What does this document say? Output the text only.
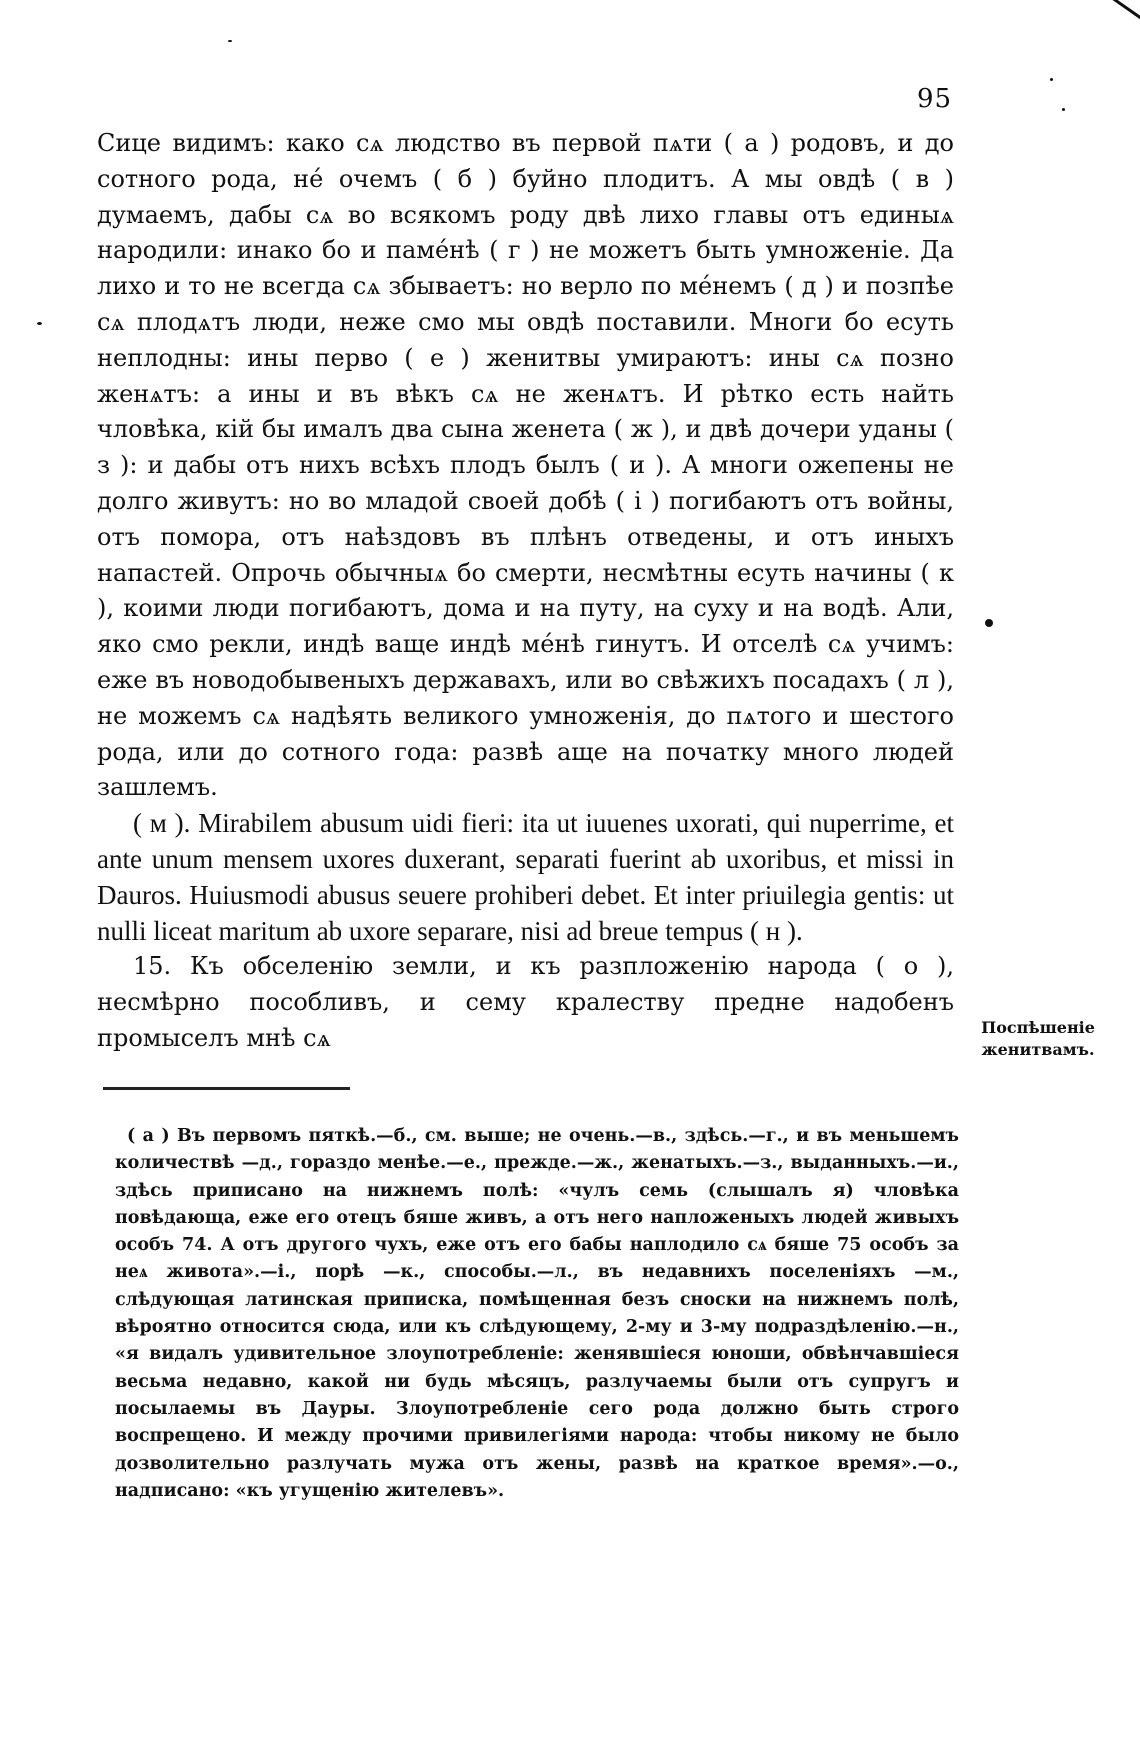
95

Сице видимъ: како сѧ людство въ первой пѧти ( а ) родовъ, и до сотного рода, не́ очемъ ( б ) буйно плодитъ. А мы овдѣ ( в ) думаемъ, дабы сѧ во всякомъ роду двѣ лихо главы отъ единыѧ народили: инако бо и паме́нѣ ( г ) не можетъ быть умноженіе. Да лихо и то не всегда сѧ збываетъ: но верло по ме́немъ ( д ) и позпѣе сѧ плодѧтъ люди, неже смо мы овдѣ поставили. Многи бо есуть неплодны: ины перво ( е ) женитвы умираютъ: ины сѧ позно женѧтъ: а ины и въ вѣкъ сѧ не женѧтъ. И рѣтко есть найть чловѣка, кій бы ималъ два сына женета ( ж ), и двѣ дочери уданы ( з ): и дабы отъ нихъ всѣхъ плодъ былъ ( и ). А многи ожепены не долго живутъ: но во младой своей добѣ ( і ) погибаютъ отъ войны, отъ помора, отъ наѣздовъ въ плѣнъ отведены, и отъ иныхъ напастей. Опрочь обычныѧ бо смерти, несмѣтны есуть начины ( к ), коими люди погибаютъ, дома и на путу, на суху и на водѣ. Али, яко смо рекли, индѣ ваще индѣ ме́нѣ гинутъ. И отселѣ сѧ учимъ: еже въ новодобывеныхъ державахъ, или во свѣжихъ посадахъ ( л ), не можемъ сѧ надѣять великого умноженія, до пѧтого и шестого рода, или до сотного года: развѣ аще на початку много людей зашлемъ.

( м ). Mirabilem abusum uidi fieri: ita ut iuuenes uxorati, qui nuperrime, et ante unum mensem uxores duxerant, separati fuerint ab uxoribus, et missi in Dauros. Huiusmodi abusus seuere prohiberi debet. Et inter priuilegia gentis: ut nulli liceat maritum ab uxore separare, nisi ad breue tempus ( н ).

15. Къ обселенію земли, и къ разпложенію народа ( о ), несмѣрно пособливъ, и сему кралеству предне надобенъ промыселъ мнѣ сѧ	Поспѣшеніе
женитвамъ.

( а ) Въ первомъ пяткѣ.—б., см. выше; не очень.—в., здѣсь.—г., и въ меньшемъ количествѣ —д., гораздо менѣе.—е., прежде.—ж., женатыхъ.—з., выданныхъ.—и., здѣсь приписано на нижнемъ полѣ: «чулъ семь (слышалъ я) чловѣка повѣдающа, еже его отецъ бяше живъ, а отъ него напложеныхъ людей живыхъ особъ 74. А отъ другого чухъ, еже отъ его бабы наплодило сѧ бяше 75 особъ за неѧ живота».—і., порѣ —к., способы.—л., въ недавнихъ поселеніяхъ —м., слѣдующая латинская приписка, помѣщенная безъ сноски на нижнемъ полѣ, вѣроятно относится сюда, или къ слѣдующему, 2-му и 3-му подраздѣленію.—н., «я видалъ удивительное злоупотребленіе: женявшіеся юноши, обвѣнчавшіеся весьма недавно, какой ни будь мѣсяцъ, разлучаемы были отъ супругъ и посылаемы въ Дауры. Злоупотребленіе сего рода должно быть строго воспрещено. И между прочими привилегіями народа: чтобы никому не было дозволительно разлучать мужа отъ жены, развѣ на краткое время».—о., надписано: «къ угущенію жителевъ».
